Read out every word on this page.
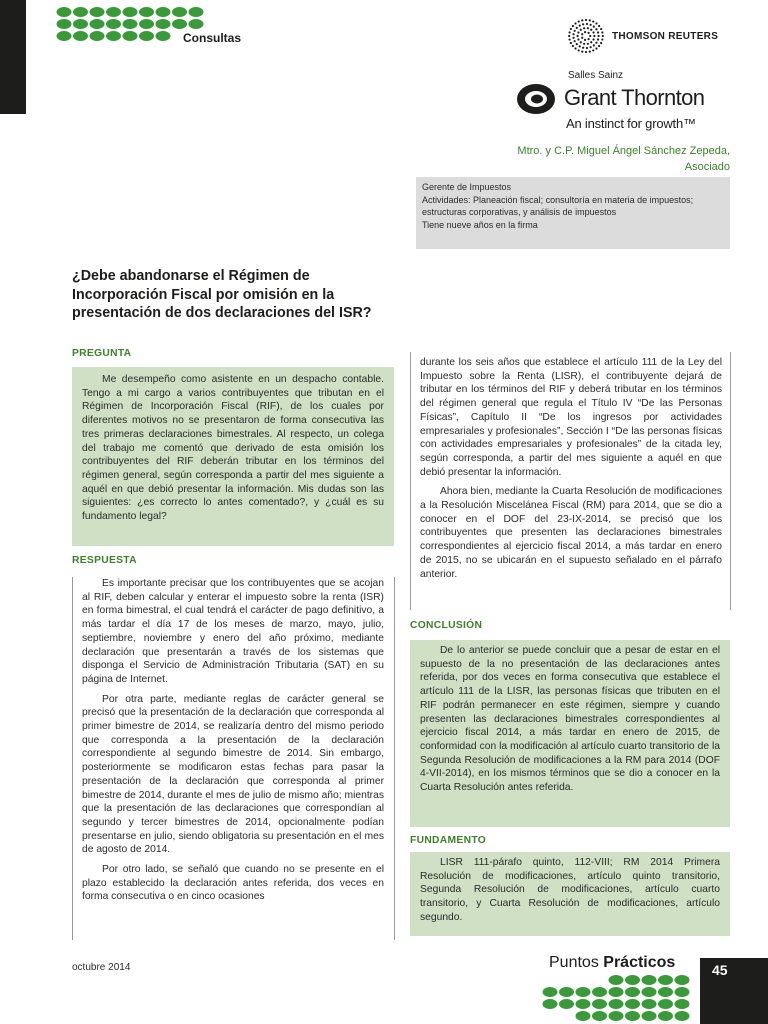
Consultas	THOMSON REUTERS
Salles Sainz
Grant Thornton
An instinct for growth™
Mtro. y C.P. Miguel Ángel Sánchez Zepeda,
Asociado
Gerente de Impuestos
Actividades: Planeación fiscal; consultoría en materia de impuestos; estructuras corporativas, y análisis de impuestos
Tiene nueve años en la firma
¿Debe abandonarse el Régimen de Incorporación Fiscal por omisión en la presentación de dos declaraciones del ISR?
PREGUNTA

Me desempeño como asistente en un despacho contable. Tengo a mi cargo a varios contribuyentes que tributan en el Régimen de Incorporación Fiscal (RIF), de los cuales por diferentes motivos no se presentaron de forma consecutiva las tres primeras declaraciones bimestrales. Al respecto, un colega del trabajo me comentó que derivado de esta omisión los contribuyentes del RIF deberán tributar en los términos del régimen general, según corresponda a partir del mes siguiente a aquél en que debió presentar la información. Mis dudas son las siguientes: ¿es correcto lo antes comentado?, y ¿cuál es su fundamento legal?

RESPUESTA

Es importante precisar que los contribuyentes que se acojan al RIF, deben calcular y enterar el impuesto sobre la renta (ISR) en forma bimestral, el cual tendrá el carácter de pago definitivo, a más tardar el día 17 de los meses de marzo, mayo, julio, septiembre, noviembre y enero del año próximo, mediante declaración que presentarán a través de los sistemas que disponga el Servicio de Administración Tributaria (SAT) en su página de Internet.

Por otra parte, mediante reglas de carácter general se precisó que la presentación de la declaración que corresponda al primer bimestre de 2014, se realizaría dentro del mismo periodo que corresponda a la presentación de la declaración correspondiente al segundo bimestre de 2014. Sin embargo, posteriormente se modificaron estas fechas para pasar la presentación de la declaración que corresponda al primer bimestre de 2014, durante el mes de julio de mismo año; mientras que la presentación de las declaraciones que correspondían al segundo y tercer bimestres de 2014, opcionalmente podían presentarse en julio, siendo obligatoria su presentación en el mes de agosto de 2014.

Por otro lado, se señaló que cuando no se presente en el plazo establecido la declaración antes referida, dos veces en forma consecutiva o en cinco ocasiones

durante los seis años que establece el artículo 111 de la Ley del Impuesto sobre la Renta (LISR), el contribuyente dejará de tributar en los términos del RIF y deberá tributar en los términos del régimen general que regula el Título IV “De las Personas Físicas”, Capítulo II “De los ingresos por actividades empresariales y profesionales”, Sección I “De las personas físicas con actividades empresariales y profesionales” de la citada ley, según corresponda, a partir del mes siguiente a aquél en que debió presentar la información.

Ahora bien, mediante la Cuarta Resolución de modificaciones a la Resolución Miscelánea Fiscal (RM) para 2014, que se dio a conocer en el DOF del 23-IX-2014, se precisó que los contribuyentes que presenten las declaraciones bimestrales correspondientes al ejercicio fiscal 2014, a más tardar en enero de 2015, no se ubicarán en el supuesto señalado en el párrafo anterior.

CONCLUSIÓN

De lo anterior se puede concluir que a pesar de estar en el supuesto de la no presentación de las declaraciones antes referida, por dos veces en forma consecutiva que establece el artículo 111 de la LISR, las personas físicas que tributen en el RIF podrán permanecer en este régimen, siempre y cuando presenten las declaraciones bimestrales correspondientes al ejercicio fiscal 2014, a más tardar en enero de 2015, de conformidad con la modificación al artículo cuarto transitorio de la Segunda Resolución de modificaciones a la RM para 2014 (DOF 4-VII-2014), en los mismos términos que se dio a conocer en la Cuarta Resolución antes referida.

FUNDAMENTO

LISR 111-párafo quinto, 112-VIII; RM 2014 Primera Resolución de modificaciones, artículo quinto transitorio, Segunda Resolución de modificaciones, artículo cuarto transitorio, y Cuarta Resolución de modificaciones, artículo segundo.

octubre 2014	Puntos Prácticos	45
